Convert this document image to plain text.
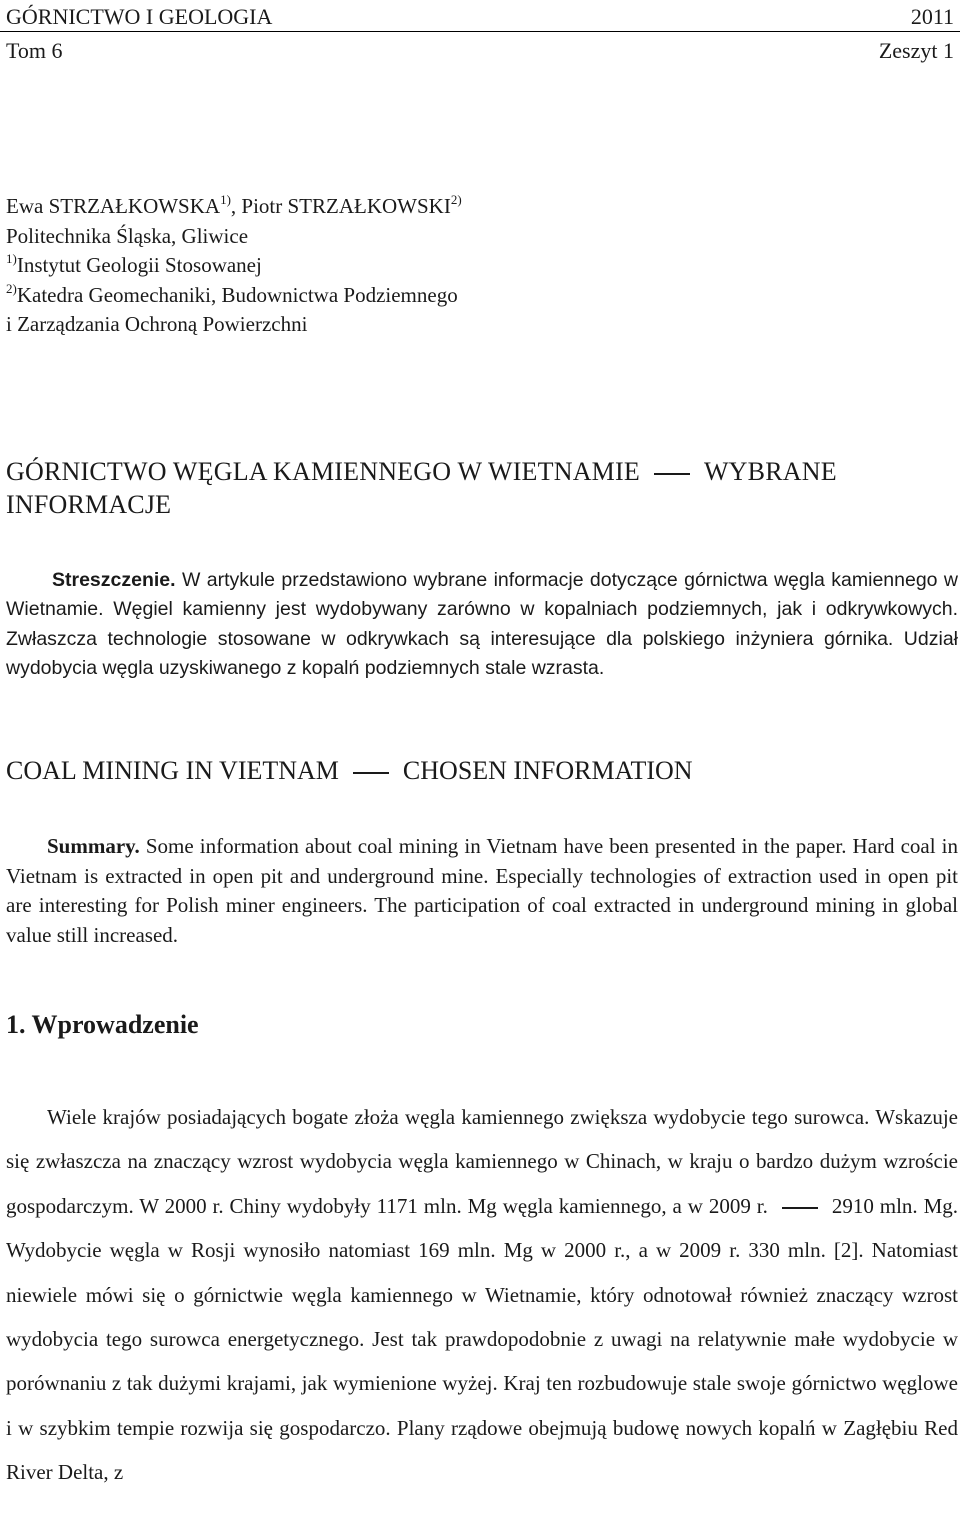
GÓRNICTWO I GEOLOGIA	2011
Tom 6	Zeszyt 1
Ewa STRZAŁKOWSKA$^{1)}$, Piotr STRZAŁKOWSKI$^{2)}$
Politechnika Śląska, Gliwice
$^{1)}$Instytut Geologii Stosowanej
$^{2)}$Katedra Geomechaniki, Budownictwa Podziemnego
i Zarządzania Ochroną Powierzchni
GÓRNICTWO WĘGLA KAMIENNEGO W WIETNAMIE WYBRANE INFORMACJE
Streszczenie. W artykule przedstawiono wybrane informacje dotyczące górnictwa węgla kamiennego w Wietnamie. Węgiel kamienny jest wydobywany zarówno w kopalniach podziemnych, jak i odkrywkowych. Zwłaszcza technologie stosowane w odkrywkach są interesujące dla polskiego inżyniera górnika. Udział wydobycia węgla uzyskiwanego z kopalń podziemnych stale wzrasta.
COAL MINING IN VIETNAM CHOSEN INFORMATION
Summary. Some information about coal mining in Vietnam have been presented in the paper. Hard coal in Vietnam is extracted in open pit and underground mine. Especially technologies of extraction used in open pit are interesting for Polish miner engineers. The participation of coal extracted in underground mining in global value still increased.
1. Wprowadzenie
Wiele krajów posiadających bogate złoża węgla kamiennego zwiększa wydobycie tego surowca. Wskazuje się zwłaszcza na znaczący wzrost wydobycia węgla kamiennego w Chinach, w kraju o bardzo dużym wzroście gospodarczym. W 2000 r. Chiny wydobyły 1171 mln. Mg węgla kamiennego, a w 2009 r.	2910 mln. Mg. Wydobycie węgla w Rosji wynosiło natomiast 169 mln. Mg w 2000 r., a w 2009 r. 330 mln. [2]. Natomiast niewiele mówi się o górnictwie węgla kamiennego w Wietnamie, który odnotował również znaczący wzrost wydobycia tego surowca energetycznego. Jest tak prawdopodobnie z uwagi na relatywnie małe wydobycie w porównaniu z tak dużymi krajami, jak wymienione wyżej. Kraj ten rozbudowuje stale swoje górnictwo węglowe i w szybkim tempie rozwija się gospodarczo. Plany rządowe obejmują budowę nowych kopalń w Zagłębiu Red River Delta, z
